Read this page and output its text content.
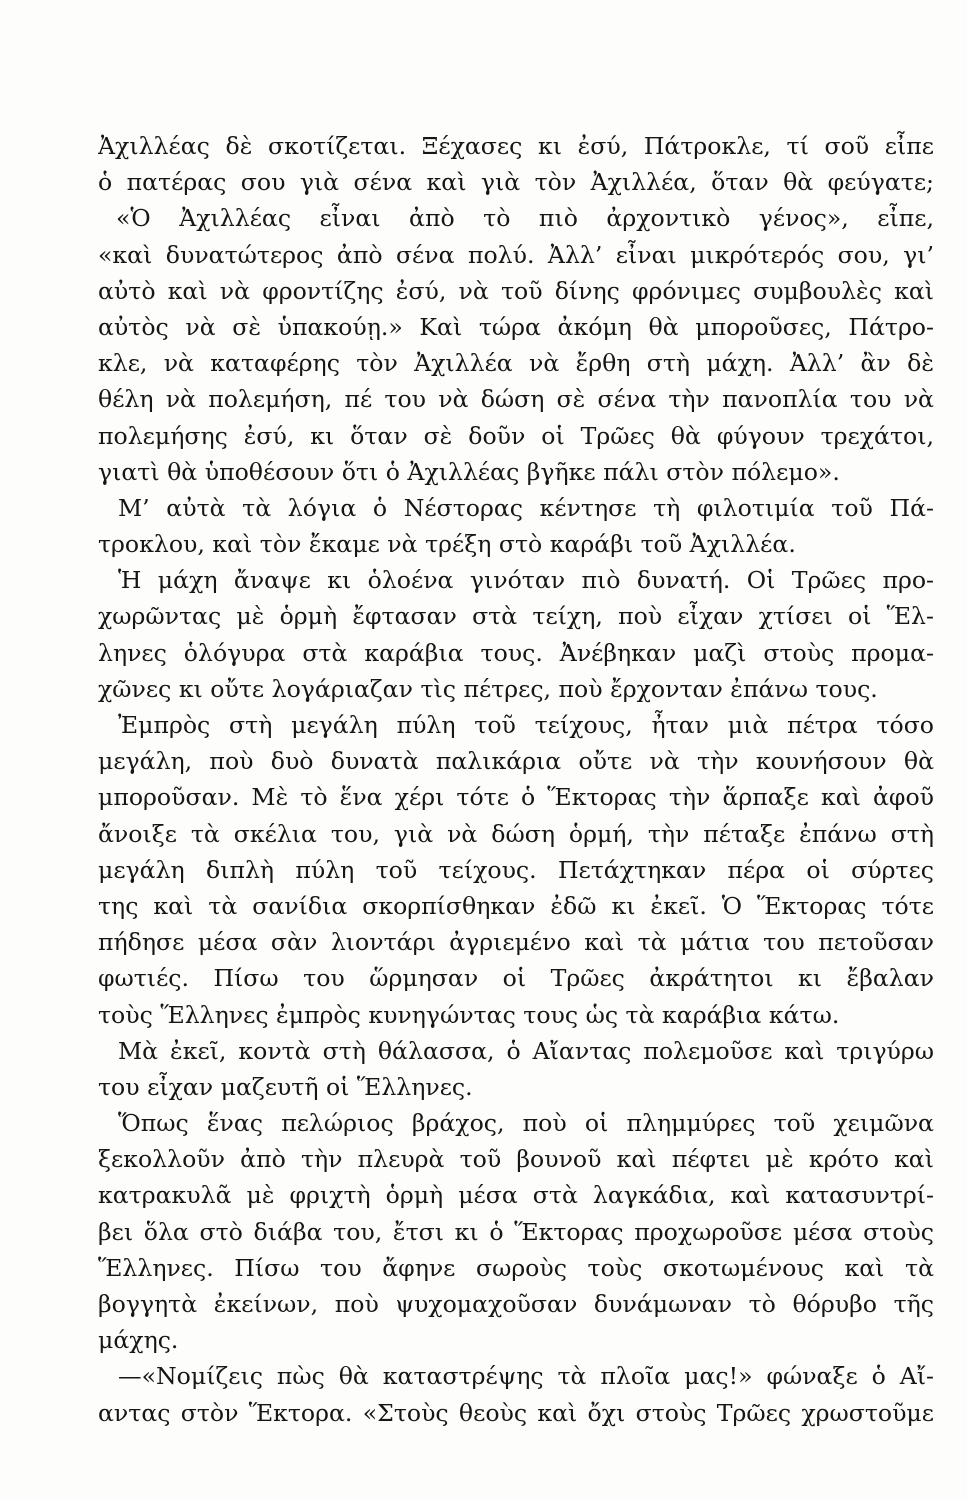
Ἀχιλλέας δὲ σκοτίζεται. Ξέχασες κι ἐσύ, Πάτροκλε, τί σοῦ εἶπε
ὁ πατέρας σου γιὰ σένα καὶ γιὰ τὸν Ἀχιλλέα, ὅταν θὰ φεύγατε;
«Ὁ Ἀχιλλέας εἶναι ἀπὸ τὸ πιὸ ἀρχοντικὸ γένος», εἶπε,
«καὶ δυνατώτερος ἀπὸ σένα πολύ. Ἀλλ’ εἶναι μικρότερός σου, γι’
αὐτὸ καὶ νὰ φροντίζης ἐσύ, νὰ τοῦ δίνης φρόνιμες συμβουλὲς καὶ
αὐτὸς νὰ σὲ ὑπακούῃ.» Καὶ τώρα ἀκόμη θὰ μποροῦσες, Πάτρο-
κλε, νὰ καταφέρης τὸν Ἀχιλλέα νὰ ἔρθη στὴ μάχη. Ἀλλ’ ἂν δὲ
θέλη νὰ πολεμήση, πέ του νὰ δώση σὲ σένα τὴν πανοπλία του νὰ
πολεμήσης ἐσύ, κι ὅταν σὲ δοῦν οἱ Τρῶες θὰ φύγουν τρεχάτοι,
γιατὶ θὰ ὑποθέσουν ὅτι ὁ Ἀχιλλέας βγῆκε πάλι στὸν πόλεμο».
Μ’ αὐτὰ τὰ λόγια ὁ Νέστορας κέντησε τὴ φιλοτιμία τοῦ Πά-
τροκλου, καὶ τὸν ἔκαμε νὰ τρέξη στὸ καράβι τοῦ Ἀχιλλέα.
Ἡ μάχη ἄναψε κι ὁλοένα γινόταν πιὸ δυνατή. Οἱ Τρῶες προ-
χωρῶντας μὲ ὁρμὴ ἔφτασαν στὰ τείχη, ποὺ εἶχαν χτίσει οἱ Ἕλ-
ληνες ὁλόγυρα στὰ καράβια τους. Ἀνέβηκαν μαζὶ στοὺς προμα-
χῶνες κι οὔτε λογάριαζαν τὶς πέτρες, ποὺ ἔρχονταν ἐπάνω τους.
Ἐμπρὸς στὴ μεγάλη πύλη τοῦ τείχους, ἦταν μιὰ πέτρα τόσο
μεγάλη, ποὺ δυὸ δυνατὰ παλικάρια οὔτε νὰ τὴν κουνήσουν θὰ
μποροῦσαν. Μὲ τὸ ἕνα χέρι τότε ὁ Ἕκτορας τὴν ἅρπαξε καὶ ἀφοῦ
ἄνοιξε τὰ σκέλια του, γιὰ νὰ δώση ὁρμή, τὴν πέταξε ἐπάνω στὴ
μεγάλη διπλὴ πύλη τοῦ τείχους. Πετάχτηκαν πέρα οἱ σύρτες
της καὶ τὰ σανίδια σκορπίσθηκαν ἐδῶ κι ἐκεῖ. Ὁ Ἕκτορας τότε
πήδησε μέσα σὰν λιοντάρι ἀγριεμένο καὶ τὰ μάτια του πετοῦσαν
φωτιές. Πίσω του ὥρμησαν οἱ Τρῶες ἀκράτητοι κι ἔβαλαν
τοὺς Ἕλληνες ἐμπρὸς κυνηγώντας τους ὡς τὰ καράβια κάτω.
Μὰ ἐκεῖ, κοντὰ στὴ θάλασσα, ὁ Αἴαντας πολεμοῦσε καὶ τριγύρω
του εἶχαν μαζευτῆ οἱ Ἕλληνες.
Ὅπως ἕνας πελώριος βράχος, ποὺ οἱ πλημμύρες τοῦ χειμῶνα
ξεκολλοῦν ἀπὸ τὴν πλευρὰ τοῦ βουνοῦ καὶ πέφτει μὲ κρότο καὶ
κατρακυλᾶ μὲ φριχτὴ ὁρμὴ μέσα στὰ λαγκάδια, καὶ κατασυντρί-
βει ὅλα στὸ διάβα του, ἔτσι κι ὁ Ἕκτορας προχωροῦσε μέσα στοὺς
Ἕλληνες. Πίσω του ἄφηνε σωροὺς τοὺς σκοτωμένους καὶ τὰ
βογγητὰ ἐκείνων, ποὺ ψυχομαχοῦσαν δυνάμωναν τὸ θόρυβο τῆς
μάχης.
—«Νομίζεις πὼς θὰ καταστρέψης τὰ πλοῖα μας!» φώναξε ὁ Αἴ-
αντας στὸν Ἕκτορα. «Στοὺς θεοὺς καὶ ὄχι στοὺς Τρῶες χρωστοῦμε
